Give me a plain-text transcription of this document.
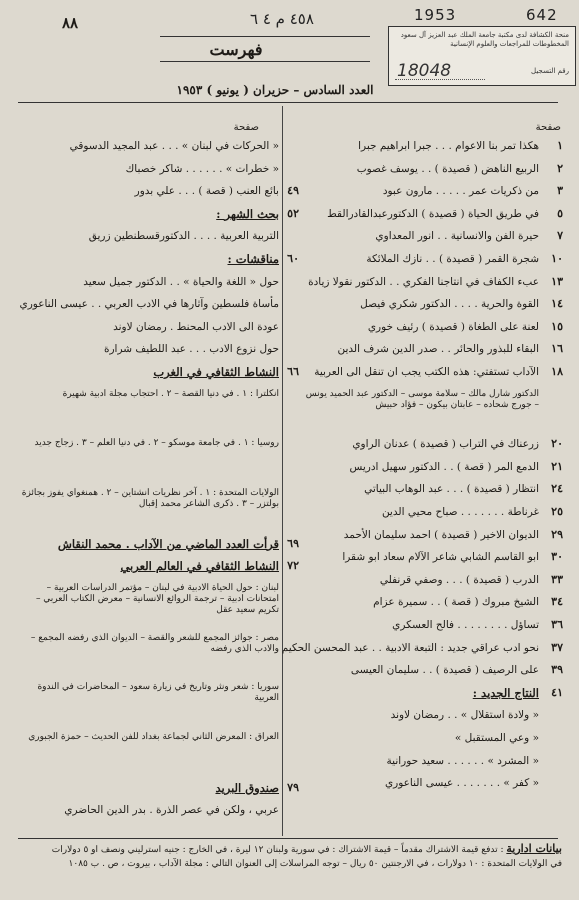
٤٥٨ م ٤ ٦	1953	642
٨٨
منحة الكشافة لدى مكتبة جامعة الملك عبد العزيز آل سعود المخطوطات للمراجعات والعلوم الإنسانية
رقم التسجيل
18048
فهرست
العدد السادس – حزيران ( يونيو ) ١٩٥٣
صفحة
صفحة
١
هكذا تمر بنا الاعوام . . . جبرا ابراهيم جبرا
٢
الربيع الناهض ( قصيدة ) . . يوسف غصوب
٣
من ذكريات عمر . . . . . مارون عبود
٥
في طريق الحياة ( قصيدة ) الدكتورعبدالقادرالقط
٧
حيرة الفن والانسانية . . انور المعداوي
١٠
شجرة القمر ( قصيدة ) . . نازك الملائكة
١٣
عبء الكفاف في انتاجنا الفكري . . الدكتور نقولا زيادة
١٤
القوة والحرية . . . . الدكتور شكري فيصل
١٥
لعنة على الطغاة ( قصيدة ) رئيف خوري
١٦
البقاء للبذور والحائر . . صدر الدين شرف الدين
١٨
الآداب تستفتي: هذه الكتب يجب ان تنقل الى العربية
الدكتور شارل مالك – سلامة موسى – الدكتور عبد الحميد يونس – جورج شحاده – عابتان بيكون – فؤاد حبيش
٢٠
زرعناك في التراب ( قصيدة ) عدنان الراوي
٢١
الدمع المر ( قصة ) . . الدكتور سهيل ادريس
٢٤
انتظار ( قصيدة ) . . . عبد الوهاب البياتي
٢٥
غرناطة . . . . . . . صباح محيي الدين
٢٩
الديوان الاخير ( قصيدة ) احمد سليمان الأحمد
٣٠
ابو القاسم الشابي شاعر الآلام سعاد ابو شقرا
٣٣
الدرب ( قصيدة ) . . . وصفي قرنفلي
٣٤
الشيخ مبروك ( قصة ) . . سميرة عزام
٣٦
تساؤل . . . . . . . . فالح العسكري
٣٧
نحو ادب عراقي جديد : التبعة الادبية . . عبد المحسن الحكيم
٣٩
على الرصيف ( قصيدة ) . . سليمان العيسى
٤١
النتاج الجديد :
« ولادة استقلال » . . رمضان لاوند
« وعي المستقبل »
« المشرد » . . . . . . سعيد حورانية
« كفر » . . . . . . . عيسى الناعوري
« الحركات في لبنان » . . . عبد المجيد الدسوقي
« خطرات » . . . . . . شاكر خصباك
٤٩
بائع العنب ( قصة ) . . . علي بدور
٥٢
بحث الشهر :
التربية العربية . . . . الدكتورقسطنطين زريق
٦٠
مناقشات :
حول « اللغة والحياة » . . الدكتور جميل سعيد
مأساة فلسطين وآثارها في الادب العربي . . عيسى الناعوري
عودة الى الادب المحنط . رمضان لاوند
حول نزوع الادب . . . عبد اللطيف شرارة
٦٦
النشاط الثقافي في الغرب
انكلترا : ١ . في دنيا القصة – ٢ . احتجاب مجلة ادبية شهيرة
روسيا : ١ . في جامعة موسكو – ٢ . في دنيا العلم – ٣ . زجاج جديد
الولايات المتحدة : ١ . آخر نظريات انشتاين – ٢ . همنغواي يفوز بجائزة بولتزر – ٣ . ذكرى الشاعر محمد إقبال
٦٩
قرأت العدد الماضي من الآداب . محمد النقاش
٧٢
النشاط الثقافي في العالم العربي
لبنان : حول الحياة الادبية في لبنان – مؤتمر الدراسات العربية – امتحانات ادبية – ترجمة الروائع الانسانية – معرض الكتاب العربي – تكريم سعيد عقل
مصر : جوائز المجمع للشعر والقصة – الديوان الذي رفضه المجمع – والادب الذي رفضه
سوريا : شعر ونثر وتاريخ في زيارة سعود – المحاضرات في الندوة العربية
العراق : المعرض الثاني لجماعة بغداد للفن الحديث – حمزة الجبوري
٧٩
صندوق البريد
عربي ، ولكن في عصر الذرة . بدر الدين الحاضري
بيانات ادارية : تدفع قيمة الاشتراك مقدماً – قيمة الاشتراك : في سورية ولبنان ١٢ ليرة ، في الخارج : جنيه استرليني ونصف او ٥ دولارات
في الولايات المتحدة : ١٠ دولارات ، في الارجنتين ٥٠ ريال – توجه المراسلات إلى العنوان التالي : مجلة الآداب ، بيروت ، ص . ب ١٠٨٥
